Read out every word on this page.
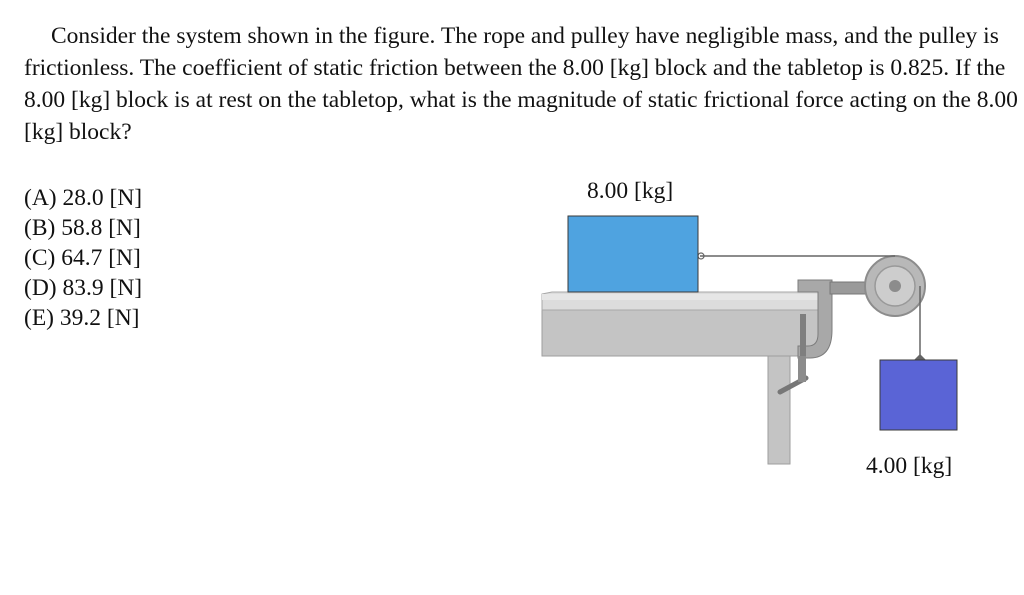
Consider the system shown in the figure. The rope and pulley have negligible mass, and the pulley is frictionless. The coefficient of static friction between the 8.00 [kg] block and the tabletop is 0.825. If the 8.00 [kg] block is at rest on the tabletop, what is the magnitude of static frictional force acting on the 8.00 [kg] block?

(A) 28.0 [N]
(B) 58.8 [N]
(C) 64.7 [N]
(D) 83.9 [N]
(E) 39.2 [N]
8.00 [kg]
4.00 [kg]
